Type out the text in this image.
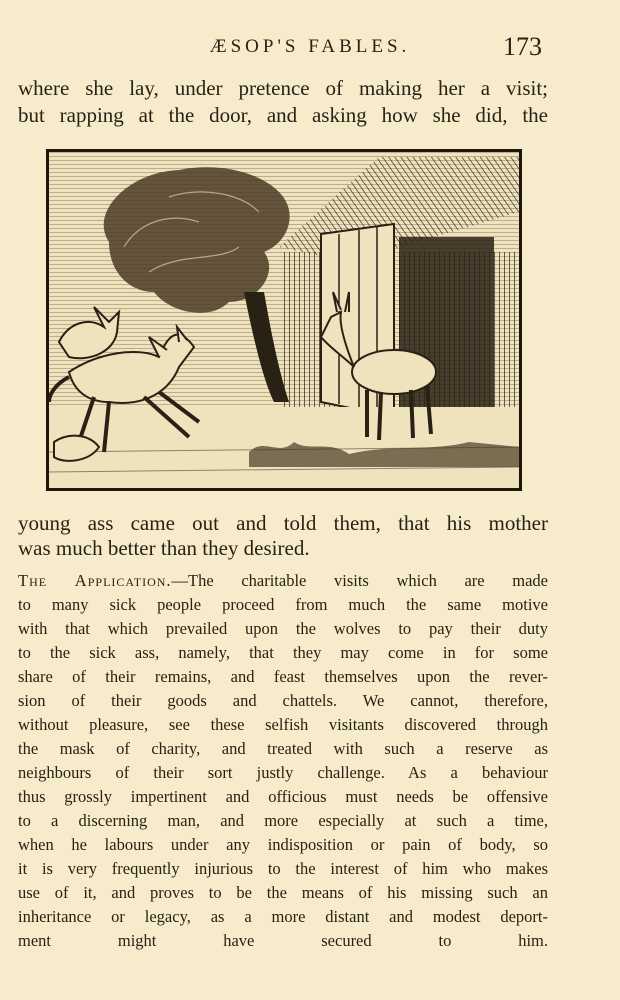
ÆSOP'S FABLES.	173
where she lay, under pretence of making her a visit;
but rapping at the door, and asking how she did, the
young ass came out and told them, that his mother
was much better than they desired.
The Application.—The charitable visits which are made
to many sick people proceed from much the same motive
with that which prevailed upon the wolves to pay their duty
to the sick ass, namely, that they may come in for some
share of their remains, and feast themselves upon the rever-
sion of their goods and chattels. We cannot, therefore,
without pleasure, see these selfish visitants discovered through
the mask of charity, and treated with such a reserve as
neighbours of their sort justly challenge. As a behaviour
thus grossly impertinent and officious must needs be offensive
to a discerning man, and more especially at such a time,
when he labours under any indisposition or pain of body, so
it is very frequently injurious to the interest of him who makes
use of it, and proves to be the means of his missing such an
inheritance or legacy, as a more distant and modest deport-
ment might have secured to him.
